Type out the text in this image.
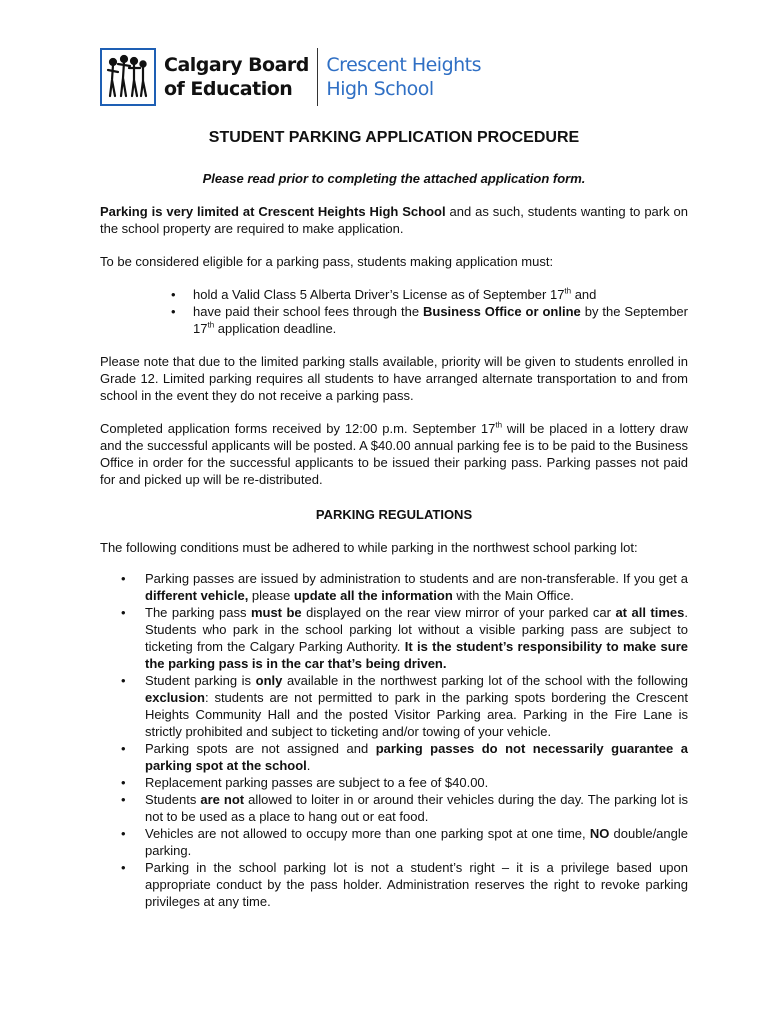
Calgary Board
of Education
Crescent Heights
High School
STUDENT PARKING APPLICATION PROCEDURE
Please read prior to completing the attached application form.

Parking is very limited at Crescent Heights High School and as such, students wanting to park on the school property are required to make application.

To be considered eligible for a parking pass, students making application must:

• hold a Valid Class 5 Alberta Driver’s License as of September 17th and
• have paid their school fees through the Business Office or online by the September 17th application deadline.

Please note that due to the limited parking stalls available, priority will be given to students enrolled in Grade 12. Limited parking requires all students to have arranged alternate transportation to and from school in the event they do not receive a parking pass.

Completed application forms received by 12:00 p.m. September 17th will be placed in a lottery draw and the successful applicants will be posted. A $40.00 annual parking fee is to be paid to the Business Office in order for the successful applicants to be issued their parking pass. Parking passes not paid for and picked up will be re-distributed.

PARKING REGULATIONS

The following conditions must be adhered to while parking in the northwest school parking lot:

• Parking passes are issued by administration to students and are non-transferable. If you get a different vehicle, please update all the information with the Main Office.
• The parking pass must be displayed on the rear view mirror of your parked car at all times. Students who park in the school parking lot without a visible parking pass are subject to ticketing from the Calgary Parking Authority. It is the student’s responsibility to make sure the parking pass is in the car that’s being driven.
• Student parking is only available in the northwest parking lot of the school with the following exclusion: students are not permitted to park in the parking spots bordering the Crescent Heights Community Hall and the posted Visitor Parking area. Parking in the Fire Lane is strictly prohibited and subject to ticketing and/or towing of your vehicle.
• Parking spots are not assigned and parking passes do not necessarily guarantee a parking spot at the school.
• Replacement parking passes are subject to a fee of $40.00.
• Students are not allowed to loiter in or around their vehicles during the day. The parking lot is not to be used as a place to hang out or eat food.
• Vehicles are not allowed to occupy more than one parking spot at one time, NO double/angle parking.
• Parking in the school parking lot is not a student’s right – it is a privilege based upon appropriate conduct by the pass holder. Administration reserves the right to revoke parking privileges at any time.
